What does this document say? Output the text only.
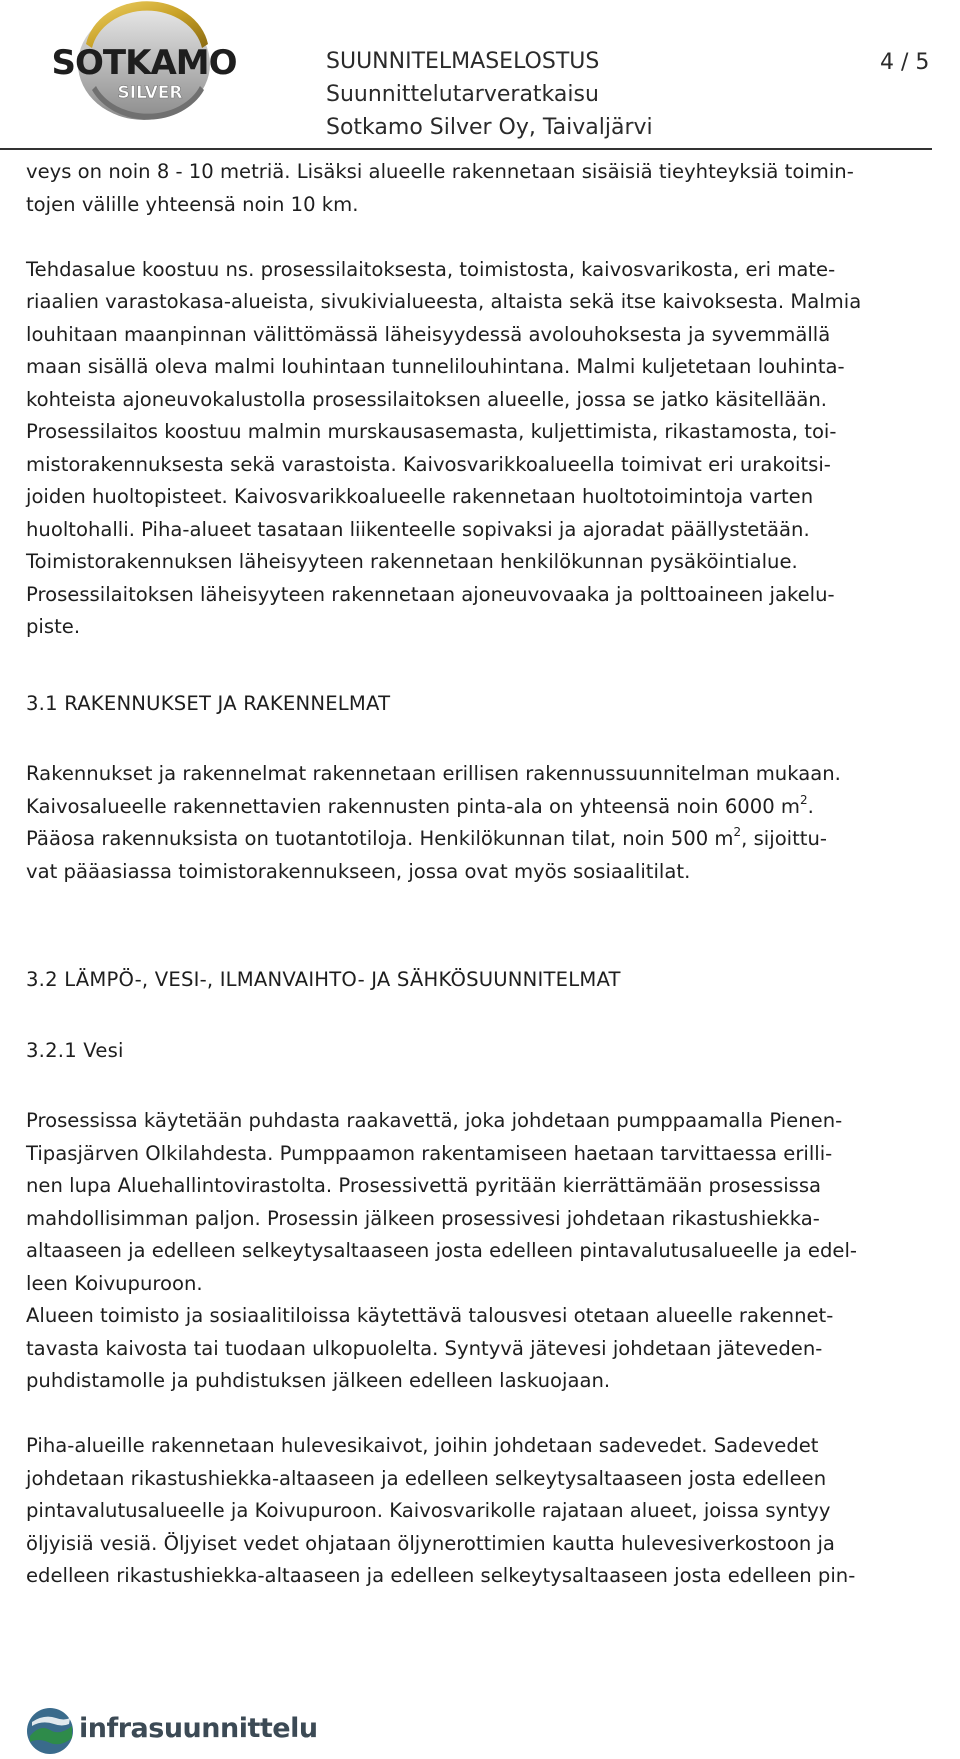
SOTKAMO
SILVER
SUUNNITELMASELOSTUS
Suunnittelutarveratkaisu
Sotkamo Silver Oy, Taivaljärvi
4 / 5

veys on noin 8 - 10 metriä. Lisäksi alueelle rakennetaan sisäisiä tieyhteyksiä toimin-
tojen välille yhteensä noin 10 km.

Tehdasalue koostuu ns. prosessilaitoksesta, toimistosta, kaivosvarikosta, eri mate-
riaalien varastokasa-alueista, sivukivialueesta, altaista sekä itse kaivoksesta. Malmia
louhitaan maanpinnan välittömässä läheisyydessä avolouhoksesta ja syvemmällä
maan sisällä oleva malmi louhintaan tunnelilouhintana. Malmi kuljetetaan louhinta-
kohteista ajoneuvokalustolla prosessilaitoksen alueelle, jossa se jatko käsitellään.
Prosessilaitos koostuu malmin murskausasemasta, kuljettimista, rikastamosta, toi-
mistorakennuksesta sekä varastoista. Kaivosvarikkoalueella toimivat eri urakoitsi-
joiden huoltopisteet. Kaivosvarikkoalueelle rakennetaan huoltotoimintoja varten
huoltohalli. Piha-alueet tasataan liikenteelle sopivaksi ja ajoradat päällystetään.
Toimistorakennuksen läheisyyteen rakennetaan henkilökunnan pysäköintialue.
Prosessilaitoksen läheisyyteen rakennetaan ajoneuvovaaka ja polttoaineen jakelu-
piste.

3.1 RAKENNUKSET JA RAKENNELMAT

Rakennukset ja rakennelmat rakennetaan erillisen rakennussuunnitelman mukaan.
Kaivosalueelle rakennettavien rakennusten pinta-ala on yhteensä noin 6000 $m^2$.
Pääosa rakennuksista on tuotantotiloja. Henkilökunnan tilat, noin 500 $m^2$, sijoittu-
vat pääasiassa toimistorakennukseen, jossa ovat myös sosiaalitilat.

3.2 LÄMPÖ-, VESI-, ILMANVAIHTO- JA SÄHKÖSUUNNITELMAT

3.2.1 Vesi

Prosessissa käytetään puhdasta raakavettä, joka johdetaan pumppaamalla Pienen-
Tipasjärven Olkilahdesta. Pumppaamon rakentamiseen haetaan tarvittaessa erilli-
nen lupa Aluehallintovirastolta. Prosessivettä pyritään kierrättämään prosessissa
mahdollisimman paljon. Prosessin jälkeen prosessivesi johdetaan rikastushiekka-
altaaseen ja edelleen selkeytysaltaaseen josta edelleen pintavalutusalueelle ja edel-
leen Koivupuroon.
Alueen toimisto ja sosiaalitiloissa käytettävä talousvesi otetaan alueelle rakennet-
tavasta kaivosta tai tuodaan ulkopuolelta. Syntyvä jätevesi johdetaan jäteveden-
puhdistamolle ja puhdistuksen jälkeen edelleen laskuojaan.

Piha-alueille rakennetaan hulevesikaivot, joihin johdetaan sadevedet. Sadevedet
johdetaan rikastushiekka-altaaseen ja edelleen selkeytysaltaaseen josta edelleen
pintavalutusalueelle ja Koivupuroon. Kaivosvarikolle rajataan alueet, joissa syntyy
öljyisiä vesiä. Öljyiset vedet ohjataan öljynerottimien kautta hulevesiverkostoon ja
edelleen rikastushiekka-altaaseen ja edelleen selkeytysaltaaseen josta edelleen pin-

infrasuunnittelu
